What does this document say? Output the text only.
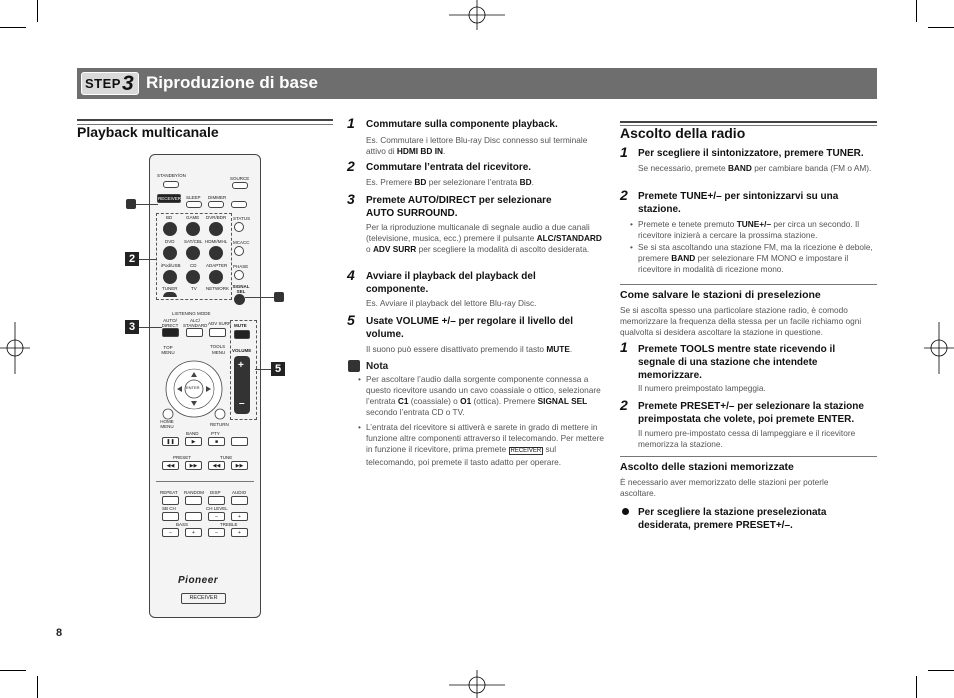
STEP 3 Riproduzione di base
Playback multicanale
STANDBY/ON
SOURCE
SLEEP DIMMER
RECEIVER
BD	GAME DVR/BDR
DVD SAT/CBL HDMI/MHL
iPod/USB CD ADAPTER
TUNER	TV NETWORK
STATUS
MCACC
PHASE
SIGNAL SEL
LISTENING MODE
AUTO/ DIRECT
ALC/ STANDARD ADV SURR MUTE
VOLUME
+
–
TOP MENU
TOOLS
MENU
ENTER
HOME MENU	RETURN
BAND	PTY
❚❚	▶	■
PRESET	TUNE
◀◀	▶▶	◀◀	▶▶
REPEAT RANDOM DISP	AUDIO
SB CH	CH LEVEL
–	+
BASS	TREBLE
–	+	–	+
Pioneer
RECEIVER
2
3
5
1 Commutare sulla componente playback.
Es. Commutare i lettore Blu-ray Disc connesso sul terminale attivo di HDMI BD IN.
2 Commutare l’entrata del ricevitore.
Es. Premere BD per selezionare l’entrata BD.
3 Premete AUTO/DIRECT per selezionare AUTO SURROUND.
Per la riproduzione multicanale di segnale audio a due canali (televisione, musica, ecc.) premere il pulsante ALC/STANDARD o ADV SURR per scegliere la modalità di ascolto desiderata.
4 Avviare il playback del playback del componente.
Es. Avviare il playback del lettore Blu-ray Disc.
5 Usate VOLUME +/– per regolare il livello del volume.
Il suono può essere disattivato premendo il tasto MUTE.
Nota
• Per ascoltare l’audio dalla sorgente componente connessa a questo ricevitore usando un cavo coassiale o ottico, selezionare l’entrata C1 (coassiale) o O1 (ottica). Premere SIGNAL SEL secondo l’entrata CD o TV.
• L’entrata del ricevitore si attiverà e sarete in grado di mettere in funzione altre componenti attraverso il telecomando. Per mettere in funzione il ricevitore, prima premete RECEIVER sul telecomando, poi premete il tasto adatto per operare.
Ascolto della radio
1 Per scegliere il sintonizzatore, premere TUNER.
Se necessario, premete BAND per cambiare banda (FM o AM).
2 Premete TUNE+/– per sintonizzarvi su una stazione.
• Premete e tenete premuto TUNE+/– per circa un secondo. Il ricevitore inizierà a cercare la prossima stazione.
• Se si sta ascoltando una stazione FM, ma la ricezione è debole, premere BAND per selezionare FM MONO e impostare il ricevitore in modalità di ricezione mono.
Come salvare le stazioni di preselezione
Se si ascolta spesso una particolare stazione radio, è comodo memorizzare la frequenza della stessa per un facile richiamo ogni qualvolta si desidera ascoltare la stazione in questione.
1 Premete TOOLS mentre state ricevendo il segnale di una stazione che intendete memorizzare.
Il numero preimpostato lampeggia.
2 Premete PRESET+/– per selezionare la stazione preimpostata che volete, poi premete ENTER.
Il numero pre-impostato cessa di lampeggiare e il ricevitore memorizza la stazione.
Ascolto delle stazioni memorizzate
È necessario aver memorizzato delle stazioni per poterle ascoltare.
Per scegliere la stazione preselezionata desiderata, premere PRESET+/–.
8
